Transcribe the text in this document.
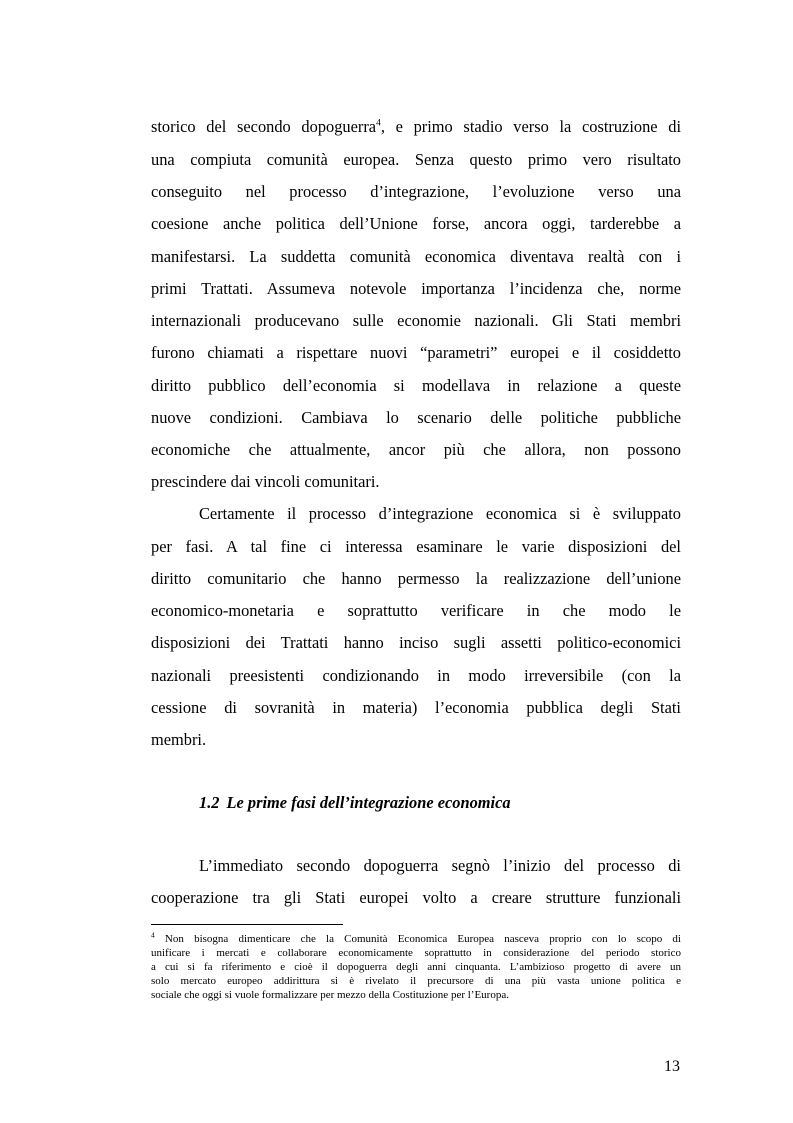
storico del secondo dopoguerra$^4$, e primo stadio verso la costruzione di
una compiuta comunità europea. Senza questo primo vero risultato
conseguito nel processo d’integrazione, l’evoluzione verso una
coesione anche politica dell’Unione forse, ancora oggi, tarderebbe a
manifestarsi. La suddetta comunità economica diventava realtà con i
primi Trattati. Assumeva notevole importanza l’incidenza che, norme
internazionali producevano sulle economie nazionali. Gli Stati membri
furono chiamati a rispettare nuovi “parametri” europei e il cosiddetto
diritto pubblico dell’economia si modellava in relazione a queste
nuove condizioni. Cambiava lo scenario delle politiche pubbliche
economiche che attualmente, ancor più che allora, non possono
prescindere dai vincoli comunitari.
Certamente il processo d’integrazione economica si è sviluppato
per fasi. A tal fine ci interessa esaminare le varie disposizioni del
diritto comunitario che hanno permesso la realizzazione dell’unione
economico-monetaria e soprattutto verificare in che modo le
disposizioni dei Trattati hanno inciso sugli assetti politico-economici
nazionali preesistenti condizionando in modo irreversibile (con la
cessione di sovranità in materia) l’economia pubblica degli Stati
membri.
1.2 Le prime fasi dell’integrazione economica
L’immediato secondo dopoguerra segnò l’inizio del processo di
cooperazione tra gli Stati europei volto a creare strutture funzionali
$^4$ Non bisogna dimenticare che la Comunità Economica Europea nasceva proprio con lo scopo di
unificare i mercati e collaborare economicamente soprattutto in considerazione del periodo storico
a cui si fa riferimento e cioè il dopoguerra degli anni cinquanta. L’ambizioso progetto di avere un
solo mercato europeo addirittura si è rivelato il precursore di una più vasta unione politica e
sociale che oggi si vuole formalizzare per mezzo della Costituzione per l’Europa.
13
